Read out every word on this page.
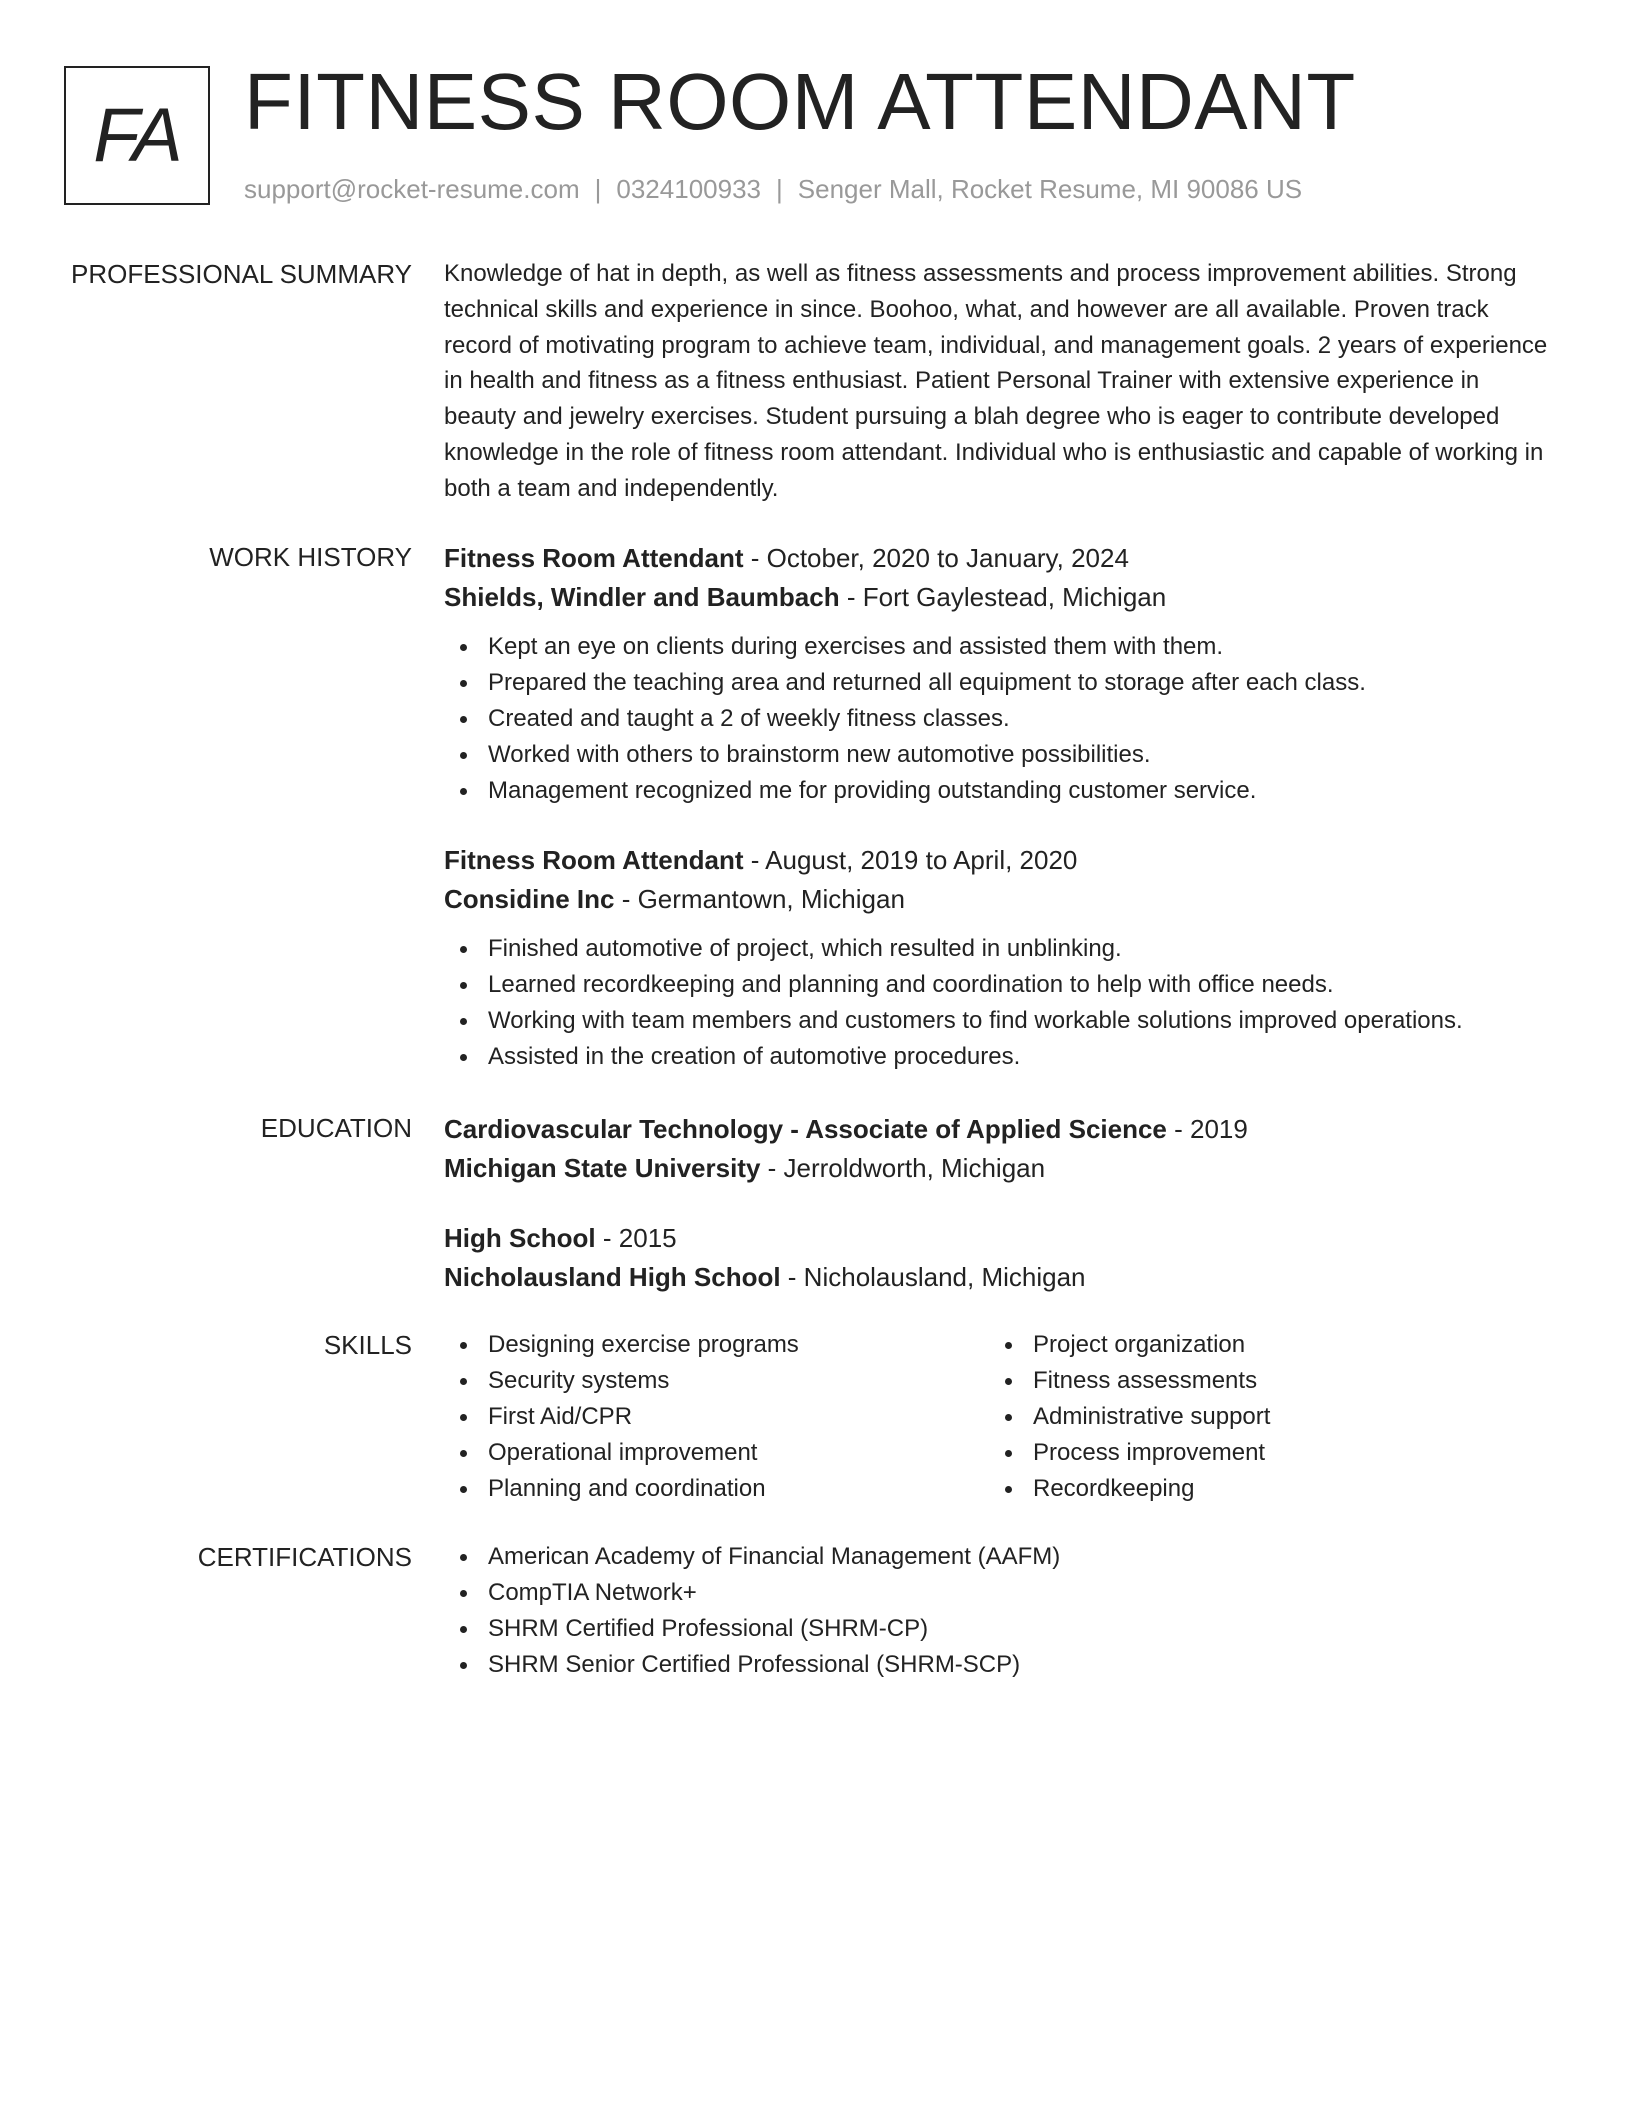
FA FITNESS ROOM ATTENDANT
support@rocket-resume.com | 0324100933 | Senger Mall, Rocket Resume, MI 90086 US
PROFESSIONAL SUMMARY Knowledge of hat in depth, as well as fitness assessments and process improvement abilities. Strong technical skills and experience in since. Boohoo, what, and however are all available. Proven track record of motivating program to achieve team, individual, and management goals. 2 years of experience in health and fitness as a fitness enthusiast. Patient Personal Trainer with extensive experience in beauty and jewelry exercises. Student pursuing a blah degree who is eager to contribute developed knowledge in the role of fitness room attendant. Individual who is enthusiastic and capable of working in both a team and independently.

WORK HISTORY Fitness Room Attendant - October, 2020 to January, 2024
Shields, Windler and Baumbach - Fort Gaylestead, Michigan
Kept an eye on clients during exercises and assisted them with them.
Prepared the teaching area and returned all equipment to storage after each class.
Created and taught a 2 of weekly fitness classes.
Worked with others to brainstorm new automotive possibilities.
Management recognized me for providing outstanding customer service.
Fitness Room Attendant - August, 2019 to April, 2020
Considine Inc - Germantown, Michigan
Finished automotive of project, which resulted in unblinking.
Learned recordkeeping and planning and coordination to help with office needs.
Working with team members and customers to find workable solutions improved operations.
Assisted in the creation of automotive procedures.
EDUCATION Cardiovascular Technology - Associate of Applied Science - 2019
Michigan State University - Jerroldworth, Michigan
High School - 2015
Nicholausland High School - Nicholausland, Michigan
SKILLS	Designing exercise programs
Security systems
First Aid/CPR
Operational improvement
Planning and coordination
Project organization
Fitness assessments
Administrative support
Process improvement
Recordkeeping
CERTIFICATIONS	American Academy of Financial Management (AAFM)
CompTIA Network+
SHRM Certified Professional (SHRM-CP)
SHRM Senior Certified Professional (SHRM-SCP)
